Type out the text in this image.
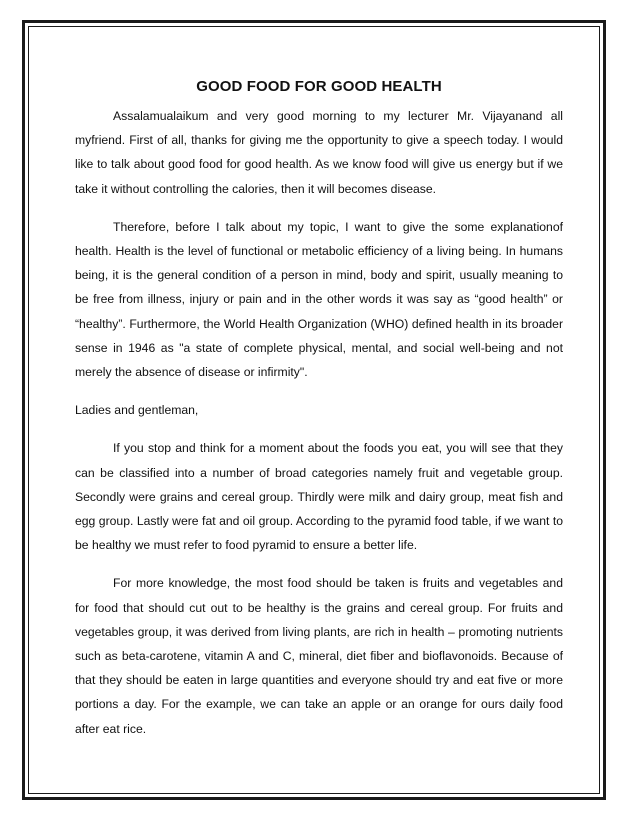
GOOD FOOD FOR GOOD HEALTH

Assalamualaikum and very good morning to my lecturer Mr. Vijayanand all myfriend. First of all, thanks for giving me the opportunity to give a speech today. I would like to talk about good food for good health. As we know food will give us energy but if we take it without controlling the calories, then it will becomes disease.

Therefore, before I talk about my topic, I want to give the some explanationof health. Health is the level of functional or metabolic efficiency of a living being. In humans being, it is the general condition of a person in mind, body and spirit, usually meaning to be free from illness, injury or pain and in the other words it was say as “good health” or “healthy”. Furthermore, the World Health Organization (WHO) defined health in its broader sense in 1946 as "a state of complete physical, mental, and social well-being and not merely the absence of disease or infirmity".

Ladies and gentleman,

If you stop and think for a moment about the foods you eat, you will see that they can be classified into a number of broad categories namely fruit and vegetable group. Secondly were grains and cereal group. Thirdly were milk and dairy group, meat fish and egg group. Lastly were fat and oil group. According to the pyramid food table, if we want to be healthy we must refer to food pyramid to ensure a better life.

For more knowledge, the most food should be taken is fruits and vegetables and for food that should cut out to be healthy is the grains and cereal group. For fruits and vegetables group, it was derived from living plants, are rich in health – promoting nutrients such as beta-carotene, vitamin A and C, mineral, diet fiber and bioflavonoids. Because of that they should be eaten in large quantities and everyone should try and eat five or more portions a day. For the example, we can take an apple or an orange for ours daily food after eat rice.
